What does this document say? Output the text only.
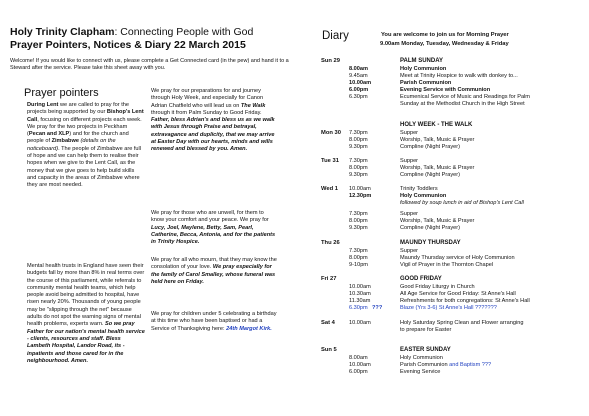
Holy Trinity Clapham: Connecting People with God
Prayer Pointers, Notices & Diary 22 March 2015
Welcome! If you would like to connect with us, please complete a Get Connected card (in the pew) and hand it to a Steward after the service. Please take this sheet away with you.
Prayer pointers
During Lent we are called to pray for the projects being supported by our Bishop's Lent Call, focusing on different projects each week. We pray for the two projects in Peckham (Pecan and XLP) and for the church and people of Zimbabwe (details on the noticeboard). The people of Zimbabwe are full of hope and we can help them to realise their hopes when we give to the Lent Call, as the money that we give goes to help build skills and capacity in the areas of Zimbabwe where they are most needed.
Mental health trusts in England have seen their budgets fall by more than 8% in real terms over the course of this parliament, while referrals to community mental health teams, which help people avoid being admitted to hospital, have risen nearly 20%. Thousands of young people may be "slipping through the net" because adults do not spot the warning signs of mental health problems, experts warn. So we pray Father for our nation's mental health service - clients, resources and staff. Bless Lambeth Hospital, Landor Road, its - inpatients and those cared for in the neighbourhood. Amen.
We pray for our preparations for and journey through Holy Week, and especially for Canon Adrian Chatfield who will lead us on The Walk through it from Palm Sunday to Good Friday. Father, bless Adrian's and bless us as we walk with Jesus through Praise and betrayal, extravagance and duplicity, that we may arrive at Easter Day with our hearts, minds and wills renewed and blessed by you. Amen.
We pray for those who are unwell, for them to know your comfort and your peace. We pray for Lucy, Joel, Maylene, Betty, Sam, Pearl, Catherine, Becca, Antonia, and for the patients in Trinity Hospice.
We pray for all who mourn, that they may know the consolation of your love. We pray especially for the family of Carol Smalley, whose funeral was held here on Friday.
We pray for children under 5 celebrating a birthday at this time who have been baptised or had a Service of Thanksgiving here: 24th Margot Kirk.
Diary	You are welcome to join us for Morning Prayer
9.00am Monday, Tuesday, Wednesday & Friday
Sun 29	PALM SUNDAY
8.00am	Holy Communion
9.45am	Meet at Trinity Hospice to walk with donkey to...
10.00am	Parish Communion
6.00pm	Evening Service with Communion
6.30pm	Ecumenical Service of Music and Readings for Palm
Sunday at the Methodist Church in the High Street
HOLY WEEK - THE WALK
Mon 30 7.30pm	Supper
8.00pm	Worship, Talk, Music & Prayer
9.30pm	Compline (Night Prayer)
Tue 31 7.30pm	Supper
8.00pm	Worship, Talk, Music & Prayer
9.30pm	Compline (Night Prayer)
Wed 1 10.00am	Trinity Toddlers
12.30pm	Holy Communion
followed by soup lunch in aid of Bishop's Lent Call
7.30pm	Supper
8.00pm	Worship, Talk, Music & Prayer
9.30pm	Compline (Night Prayer)
Thu 26	MAUNDY THURSDAY
7.30pm	Supper
8.00pm	Maundy Thursday service of Holy Communion
9-10pm	Vigil of Prayer in the Thornton Chapel
Fri 27	GOOD FRIDAY
10.00am	Good Friday Liturgy in Church
10.30am	All Age Service for Good Friday: St Anne's Hall
11.30am	Refreshments for both congregations: St Anne's Hall
6.30pm ???	Blaze (Yrs 3-6) St Anne's Hall ???????
Sat 4	10.00am	Holy Saturday Spring Clean and Flower arranging
to prepare for Easter
Sun 5	EASTER SUNDAY
8.00am	Holy Communion
10.00am	Parish Communion and Baptism ???
6.00pm	Evening Service
